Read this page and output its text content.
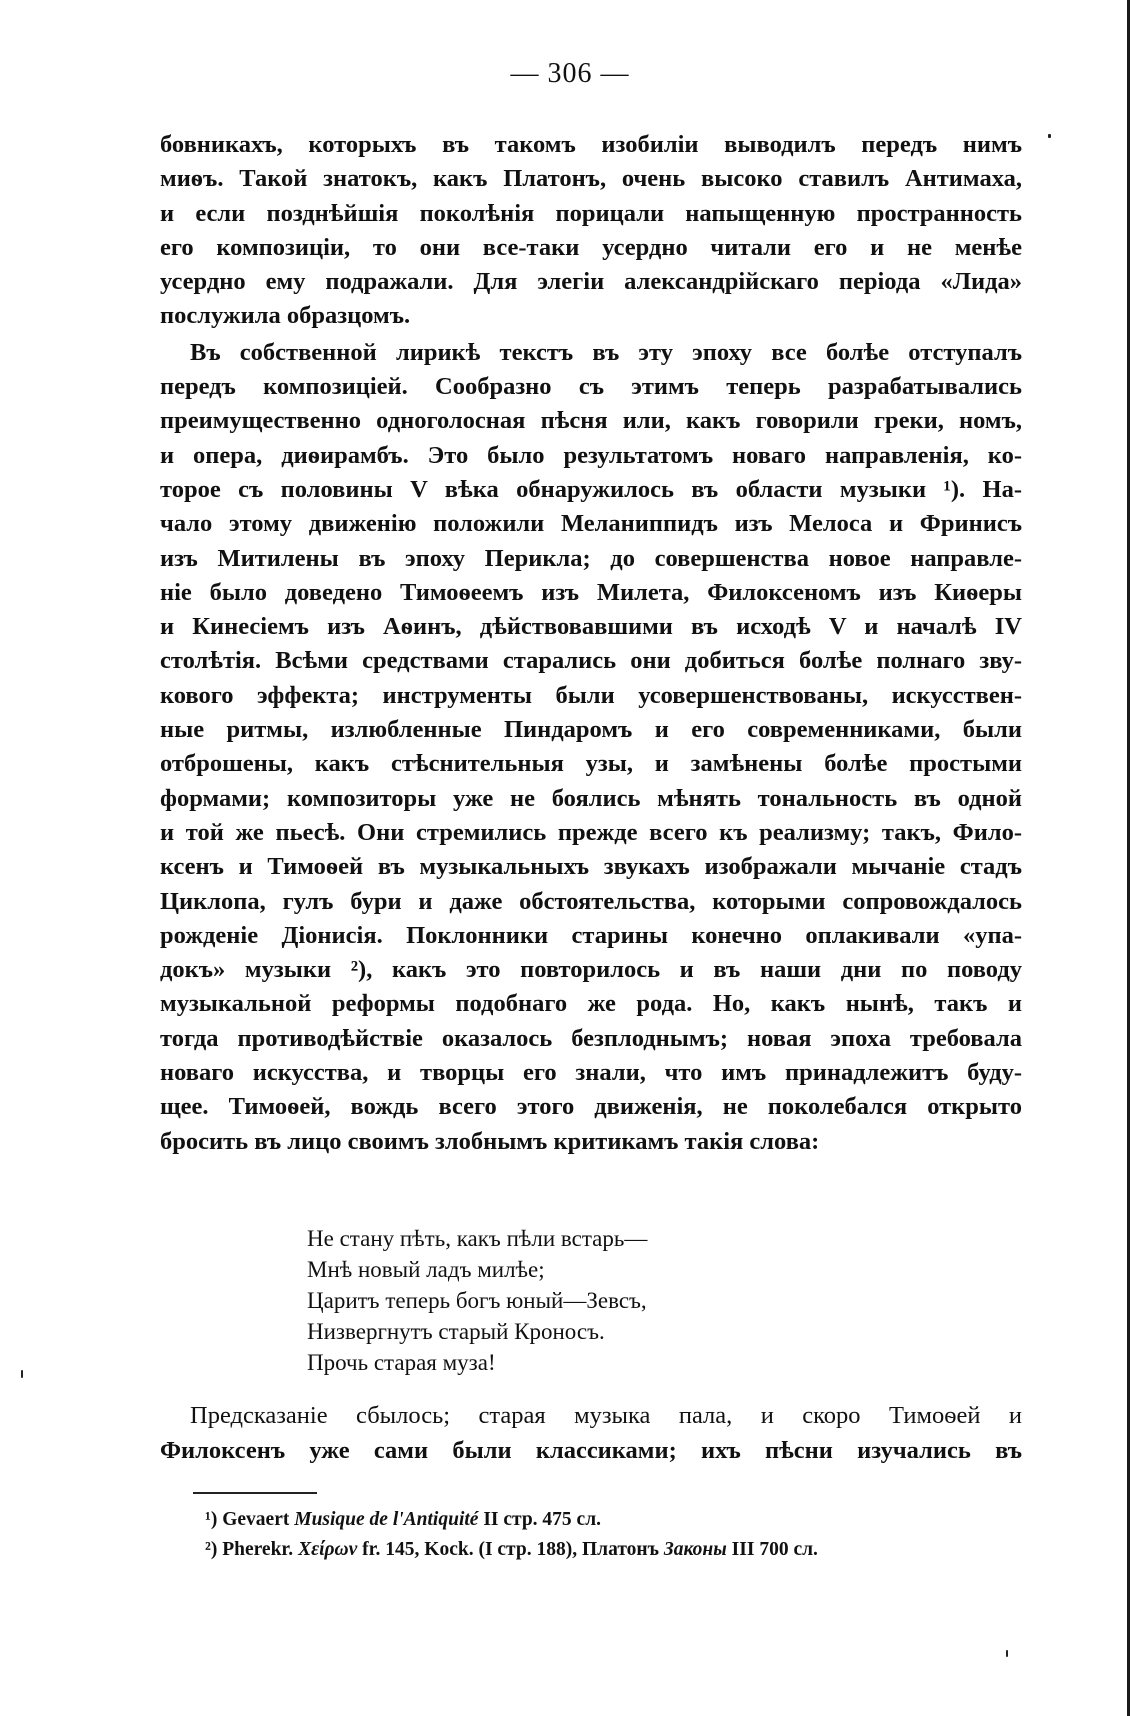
— 306 —
бовникахъ, которыхъ въ такомъ изобиліи выводилъ передъ нимъ
миѳъ. Такой знатокъ, какъ Платонъ, очень высоко ставилъ Антимаха,
и если позднѣйшія поколѣнія порицали напыщенную пространность
его композиціи, то они все-таки усердно читали его и не менѣе
усердно ему подражали. Для элегіи александрійскаго періода «Лида»
послужила образцомъ.
Въ собственной лирикѣ текстъ въ эту эпоху все болѣе отступалъ
передъ композиціей. Сообразно съ этимъ теперь разрабатывались
преимущественно одноголосная пѣсня или, какъ говорили греки, номъ,
и опера, диѳирамбъ. Это было результатомъ новаго направленія, ко-
торое съ половины V вѣка обнаружилось въ области музыки ¹). На-
чало этому движенію положили Меланиппидъ изъ Мелоса и Фринисъ
изъ Митилены въ эпоху Перикла; до совершенства новое направле-
ніе было доведено Тимоѳеемъ изъ Милета, Филоксеномъ изъ Киѳеры
и Кинесіемъ изъ Аѳинъ, дѣйствовавшими въ исходѣ V и началѣ IV
столѣтія. Всѣми средствами старались они добиться болѣе полнаго зву-
кового эффекта; инструменты были усовершенствованы, искусствен-
ные ритмы, излюбленные Пиндаромъ и его современниками, были
отброшены, какъ стѣснительныя узы, и замѣнены болѣе простыми
формами; композиторы уже не боялись мѣнять тональность въ одной
и той же пьесѣ. Они стремились прежде всего къ реализму; такъ, Фило-
ксенъ и Тимоѳей въ музыкальныхъ звукахъ изображали мычаніе стадъ
Циклопа, гулъ бури и даже обстоятельства, которыми сопровождалось
рожденіе Діонисія. Поклонники старины конечно оплакивали «упа-
докъ» музыки ²), какъ это повторилось и въ наши дни по поводу
музыкальной реформы подобнаго же рода. Но, какъ нынѣ, такъ и
тогда противодѣйствіе оказалось безплоднымъ; новая эпоха требовала
новаго искусства, и творцы его знали, что имъ принадлежитъ буду-
щее. Тимоѳей, вождь всего этого движенія, не поколебался открыто
бросить въ лицо своимъ злобнымъ критикамъ такія слова:
Не стану пѣть, какъ пѣли встарь—
Мнѣ новый ладъ милѣе;
Царитъ теперь богъ юный—Зевсъ,
Низвергнутъ старый Кроносъ.
Прочь старая муза!
Предсказаніе сбылось; старая музыка пала, и скоро Тимоѳей и
Филоксенъ уже сами были классиками; ихъ пѣсни изучались въ
¹) Gevaert Musique de l'Antiquité II стр. 475 сл.
²) Pherekr. Χείρων fr. 145, Kock. (I стр. 188), Платонъ Законы III 700 сл.
